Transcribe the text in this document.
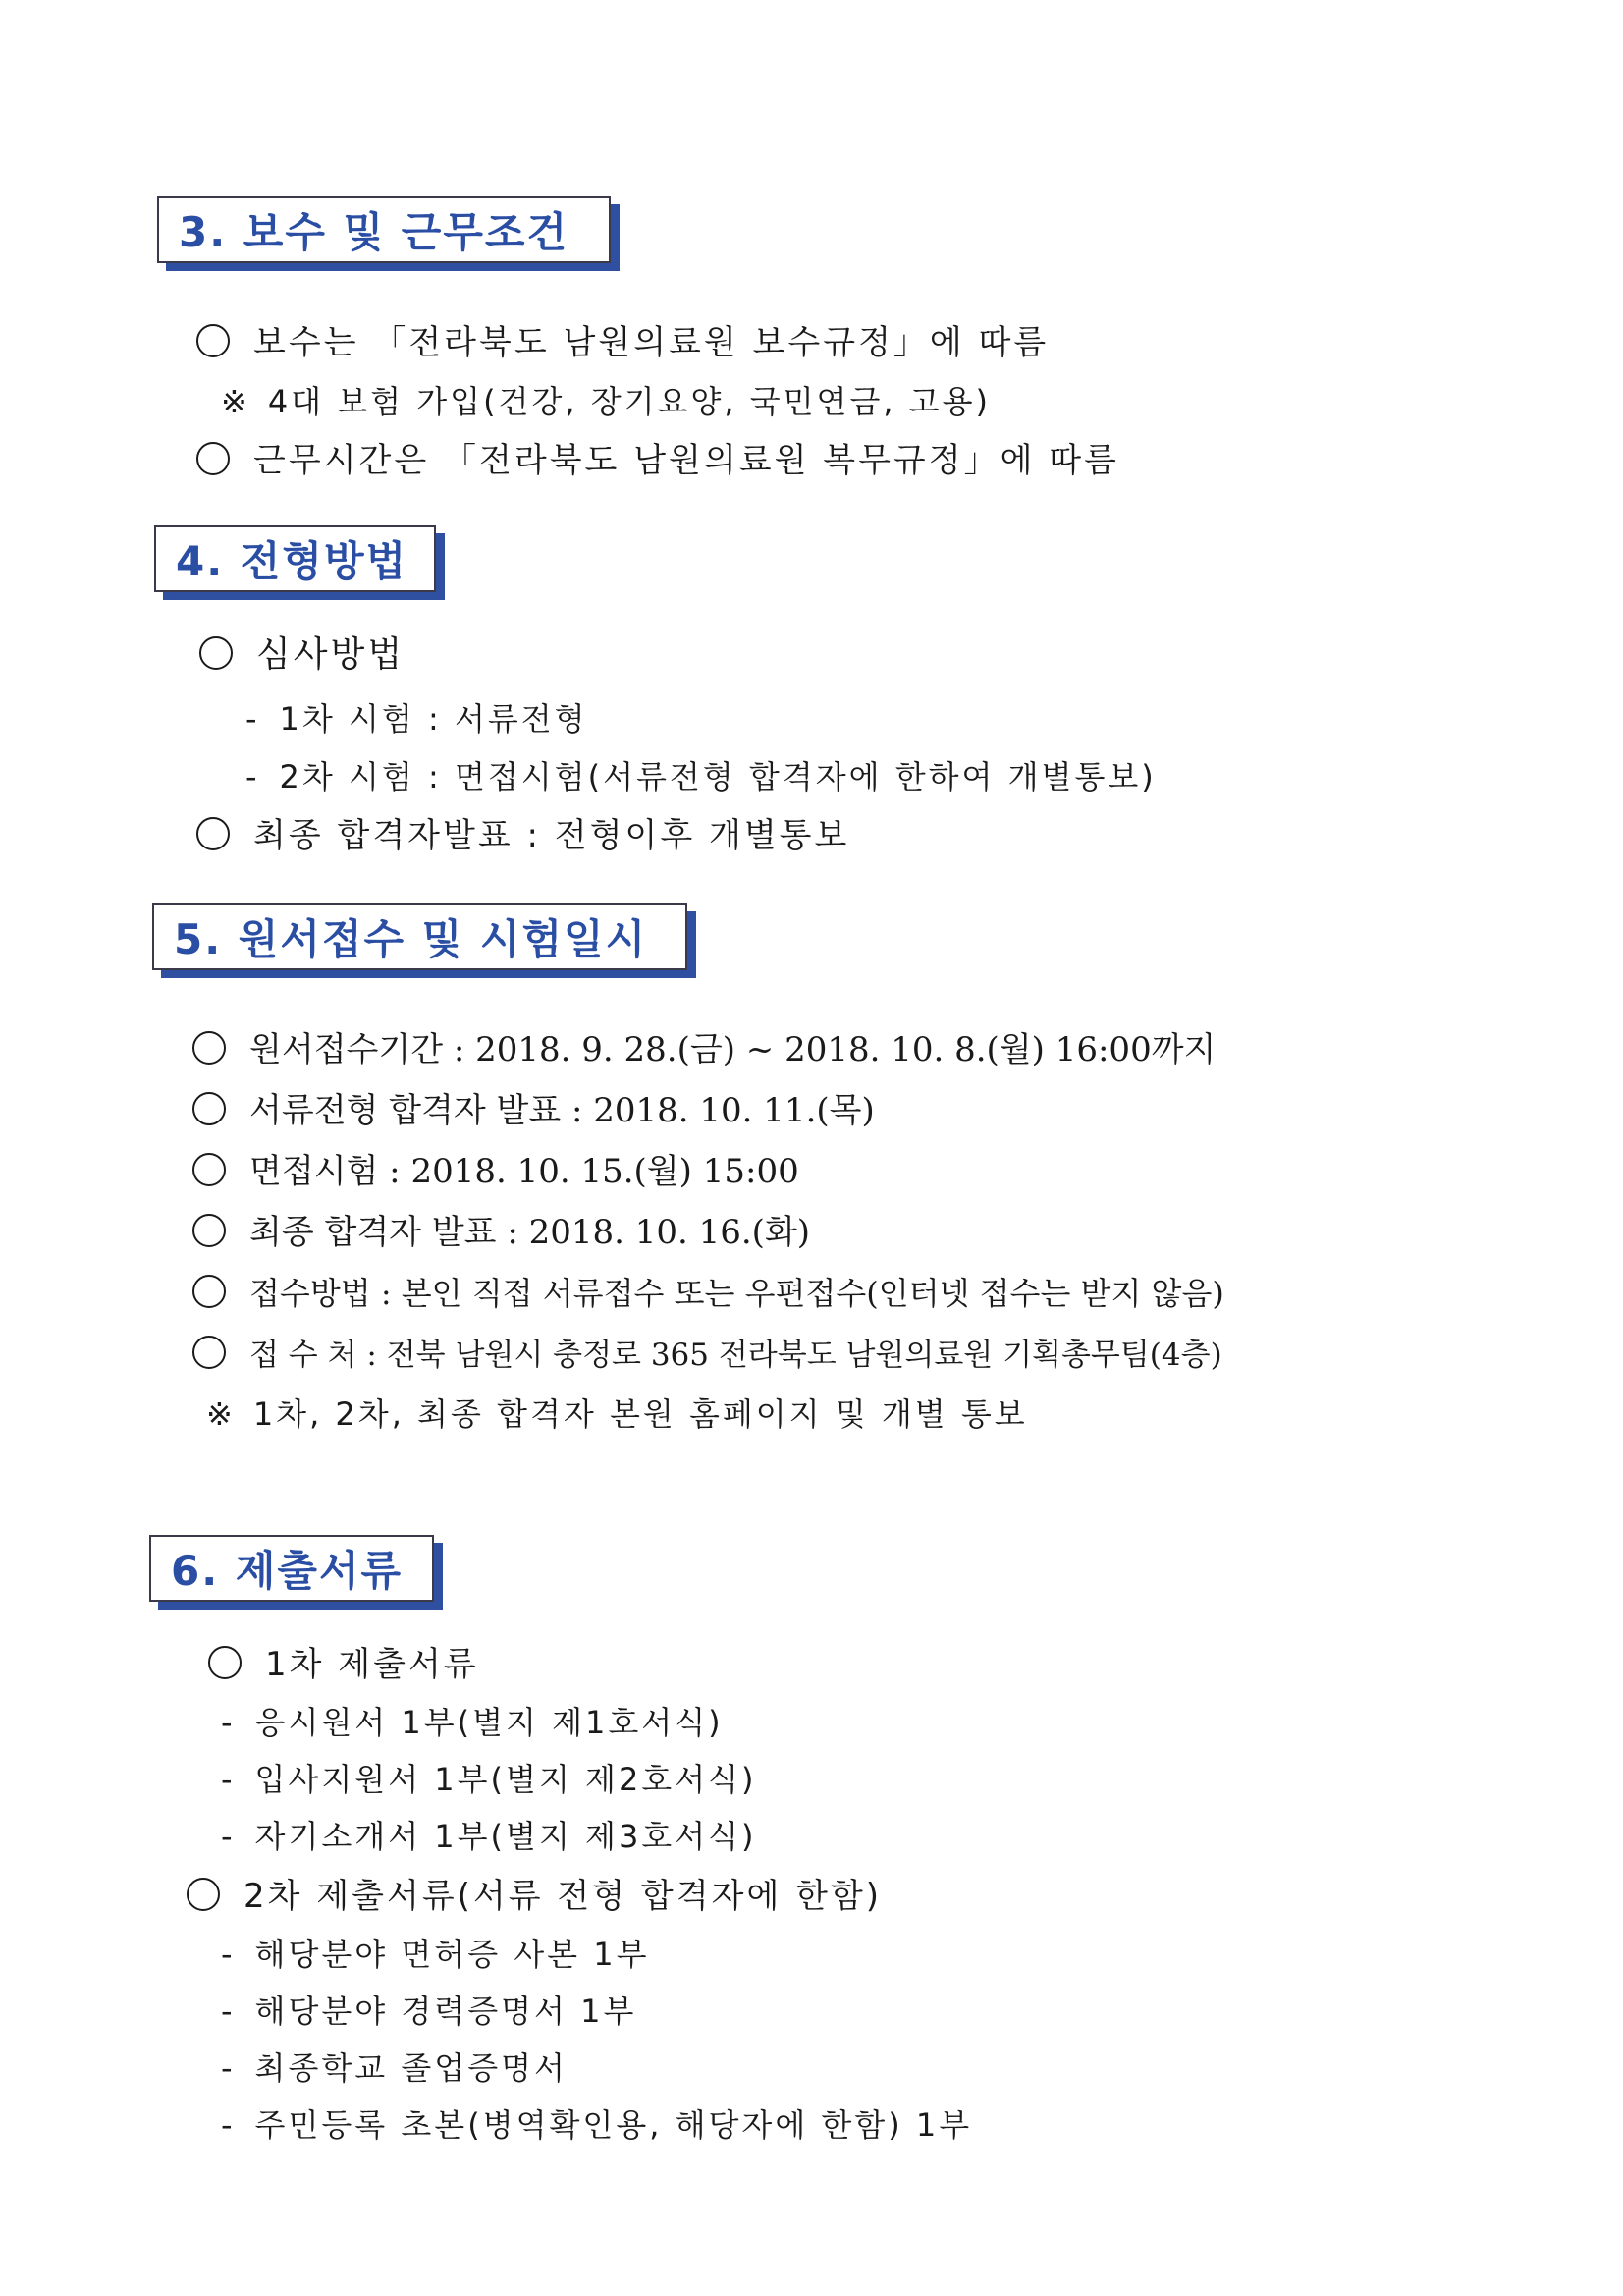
3. 보수 및 근무조건
보수는 「전라북도 남원의료원 보수규정」에 따름
※ 4대 보험 가입(건강, 장기요양, 국민연금, 고용)
근무시간은 「전라북도 남원의료원 복무규정」에 따름
4. 전형방법
심사방법
- 1차 시험 : 서류전형
- 2차 시험 : 면접시험(서류전형 합격자에 한하여 개별통보)
최종 합격자발표 : 전형이후 개별통보
5. 원서접수 및 시험일시
원서접수기간 : 2018. 9. 28.(금) ~ 2018. 10. 8.(월) 16:00까지
서류전형 합격자 발표 : 2018. 10. 11.(목)
면접시험 : 2018. 10. 15.(월) 15:00
최종 합격자 발표 : 2018. 10. 16.(화)
접수방법 : 본인 직접 서류접수 또는 우편접수(인터넷 접수는 받지 않음)
접 수 처 : 전북 남원시 충정로 365 전라북도 남원의료원 기획총무팀(4층)
※ 1차, 2차, 최종 합격자 본원 홈페이지 및 개별 통보
6. 제출서류
1차 제출서류
- 응시원서 1부(별지 제1호서식)
- 입사지원서 1부(별지 제2호서식)
- 자기소개서 1부(별지 제3호서식)
2차 제출서류(서류 전형 합격자에 한함)
- 해당분야 면허증 사본 1부
- 해당분야 경력증명서 1부
- 최종학교 졸업증명서
- 주민등록 초본(병역확인용, 해당자에 한함) 1부
